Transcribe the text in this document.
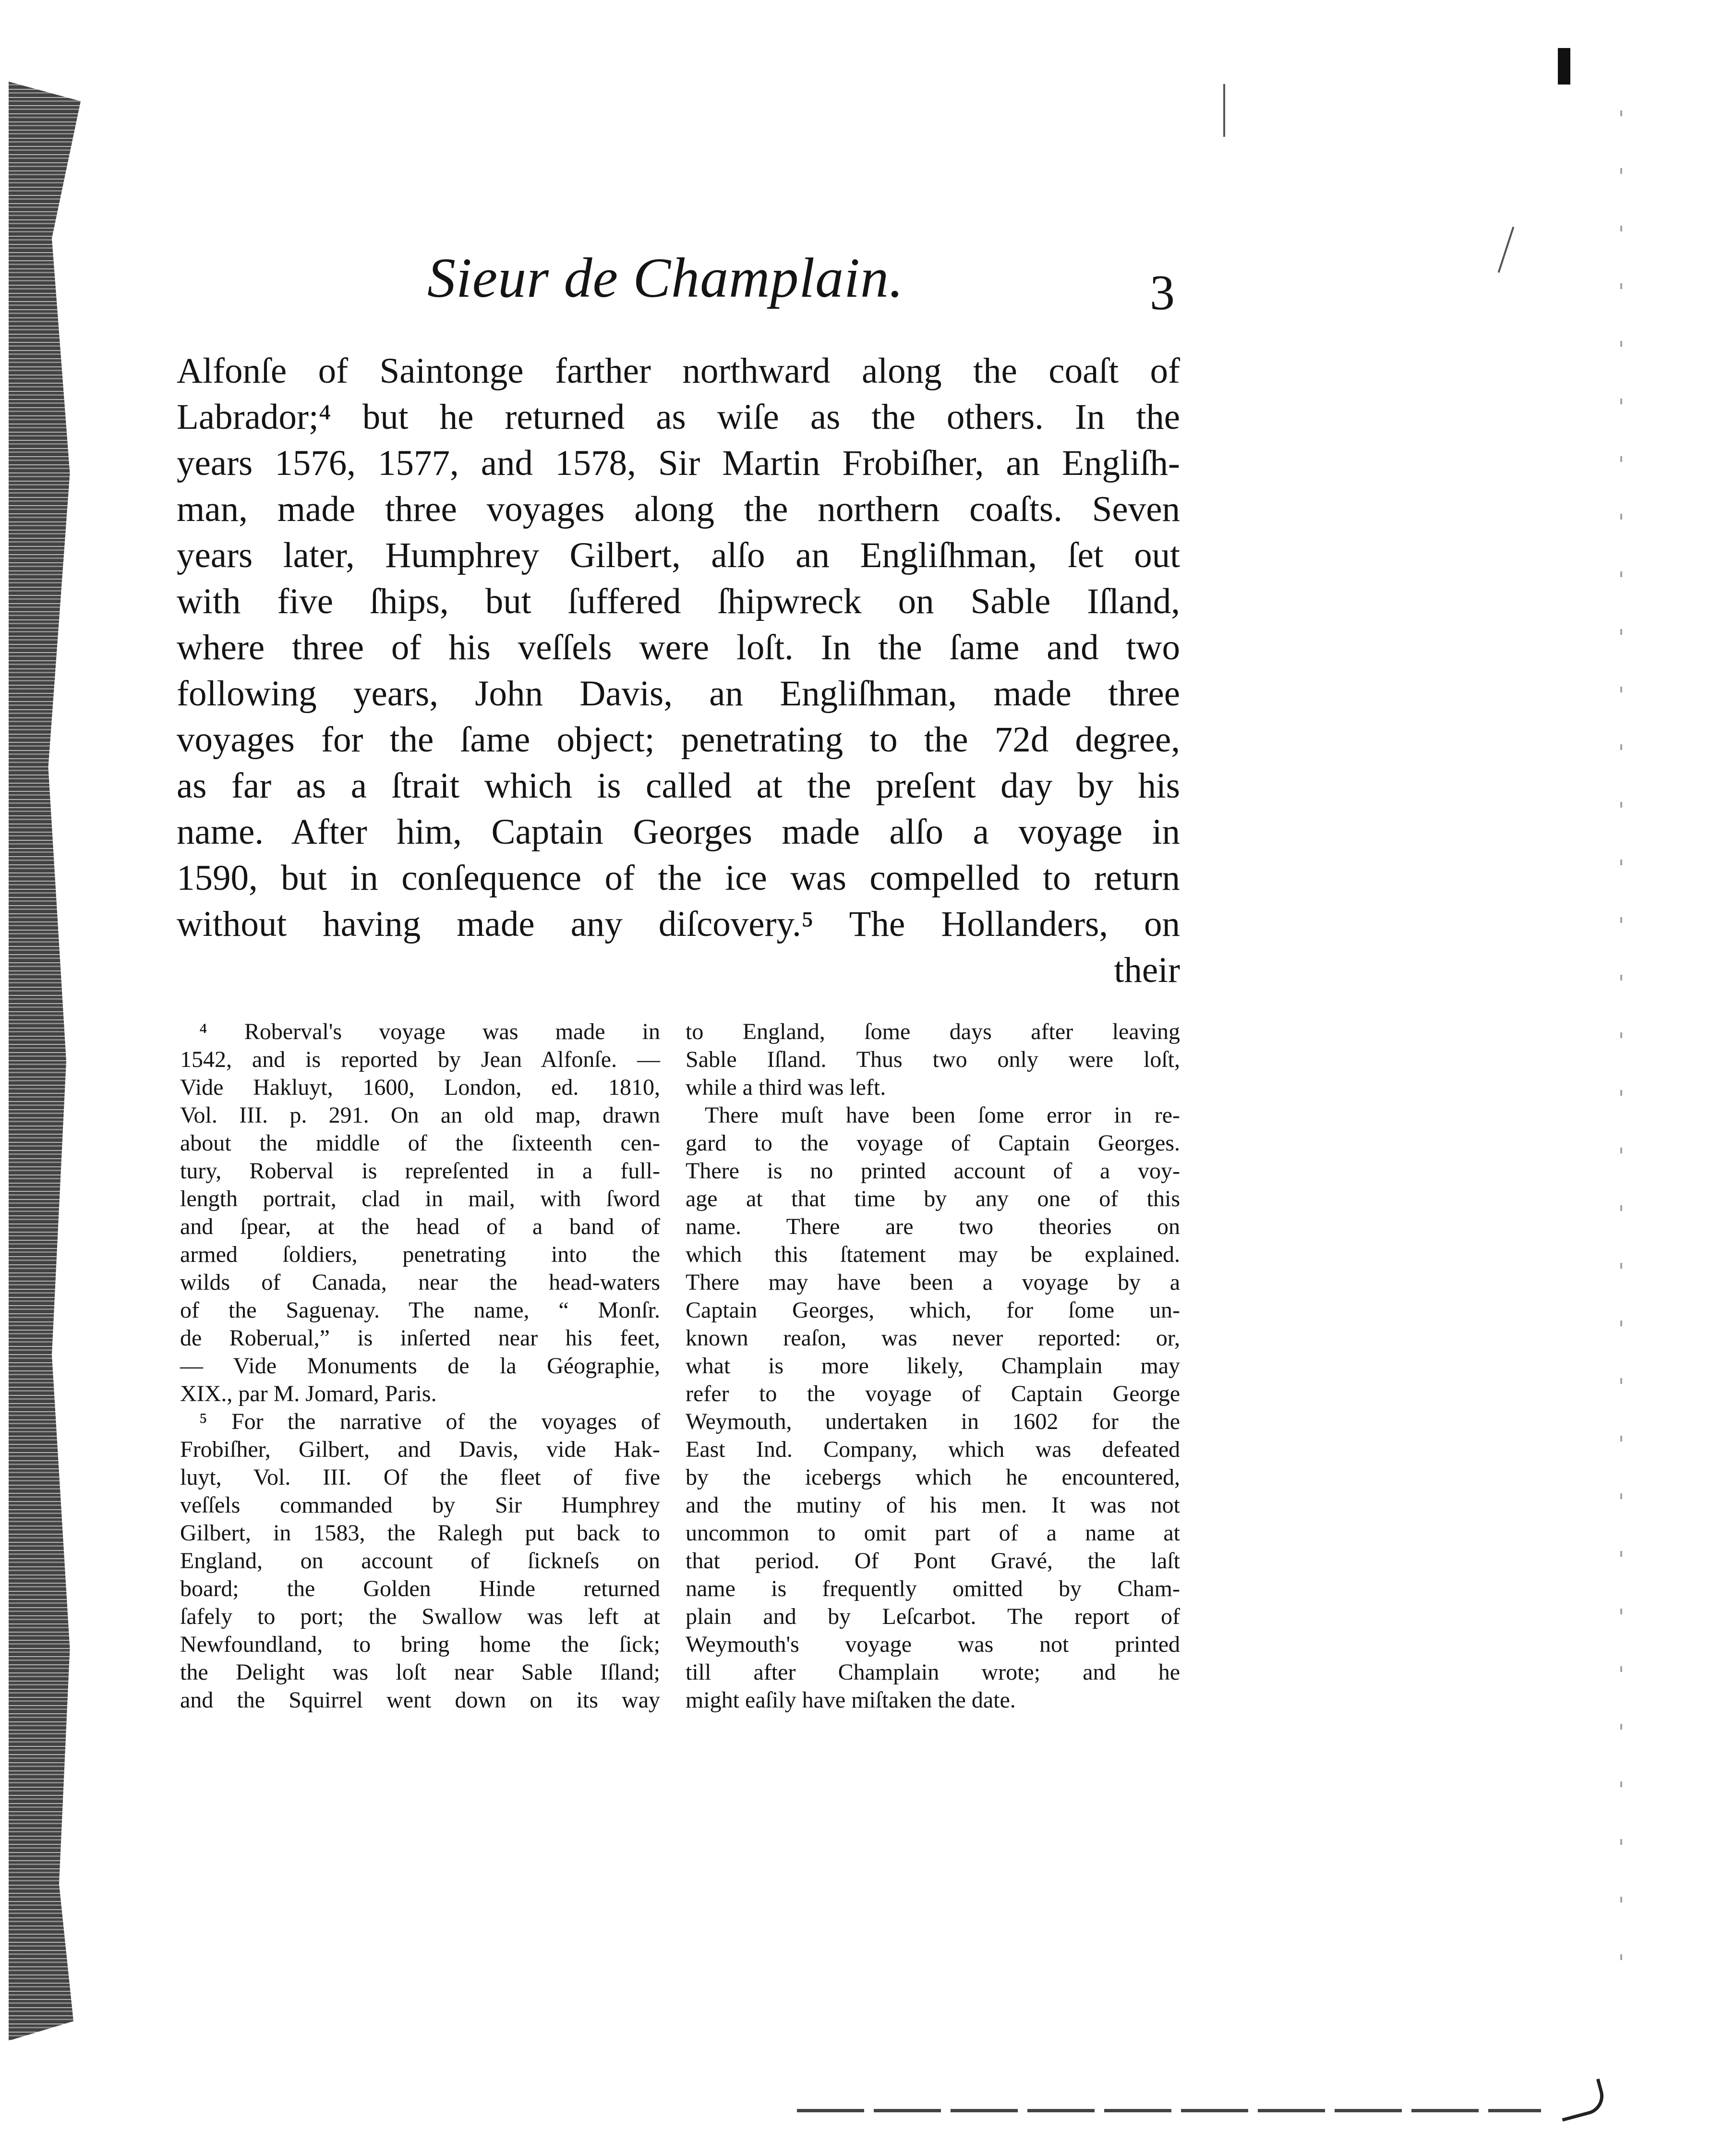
Sieur de Champlain.	3
Alfonſe of Saintonge farther northward along the coaſt of
Labrador;⁴ but he returned as wiſe as the others. In the
years 1576, 1577, and 1578, Sir Martin Frobiſher, an Engliſh-
man, made three voyages along the northern coaſts. Seven
years later, Humphrey Gilbert, alſo an Engliſhman, ſet out
with five ſhips, but ſuffered ſhipwreck on Sable Iſland,
where three of his veſſels were loſt. In the ſame and two
following years, John Davis, an Engliſhman, made three
voyages for the ſame object; penetrating to the 72d degree,
as far as a ſtrait which is called at the preſent day by his
name. After him, Captain Georges made alſo a voyage in
1590, but in conſequence of the ice was compelled to return
without having made any diſcovery.⁵ The Hollanders, on
their
⁴ Roberval's voyage was made in
1542, and is reported by Jean Alfonſe. —
Vide Hakluyt, 1600, London, ed. 1810,
Vol. III. p. 291. On an old map, drawn
about the middle of the ſixteenth cen-
tury, Roberval is repreſented in a full-
length portrait, clad in mail, with ſword
and ſpear, at the head of a band of
armed ſoldiers, penetrating into the
wilds of Canada, near the head-waters
of the Saguenay. The name, “ Monſr.
de Roberual,” is inſerted near his feet,
— Vide Monuments de la Géographie,
XIX., par M. Jomard, Paris.
⁵ For the narrative of the voyages of
Frobiſher, Gilbert, and Davis, vide Hak-
luyt, Vol. III. Of the fleet of five
veſſels commanded by Sir Humphrey
Gilbert, in 1583, the Ralegh put back to
England, on account of ſickneſs on
board; the Golden Hinde returned
ſafely to port; the Swallow was left at
Newfoundland, to bring home the ſick;
the Delight was loſt near Sable Iſland;
and the Squirrel went down on its way
to England, ſome days after leaving
Sable Iſland. Thus two only were loſt,
while a third was left.
There muſt have been ſome error in re-
gard to the voyage of Captain Georges.
There is no printed account of a voy-
age at that time by any one of this
name. There are two theories on
which this ſtatement may be explained.
There may have been a voyage by a
Captain Georges, which, for ſome un-
known reaſon, was never reported: or,
what is more likely, Champlain may
refer to the voyage of Captain George
Weymouth, undertaken in 1602 for the
East Ind. Company, which was defeated
by the icebergs which he encountered,
and the mutiny of his men. It was not
uncommon to omit part of a name at
that period. Of Pont Gravé, the laſt
name is frequently omitted by Cham-
plain and by Leſcarbot. The report of
Weymouth's voyage was not printed
till after Champlain wrote; and he
might eaſily have miſtaken the date.
